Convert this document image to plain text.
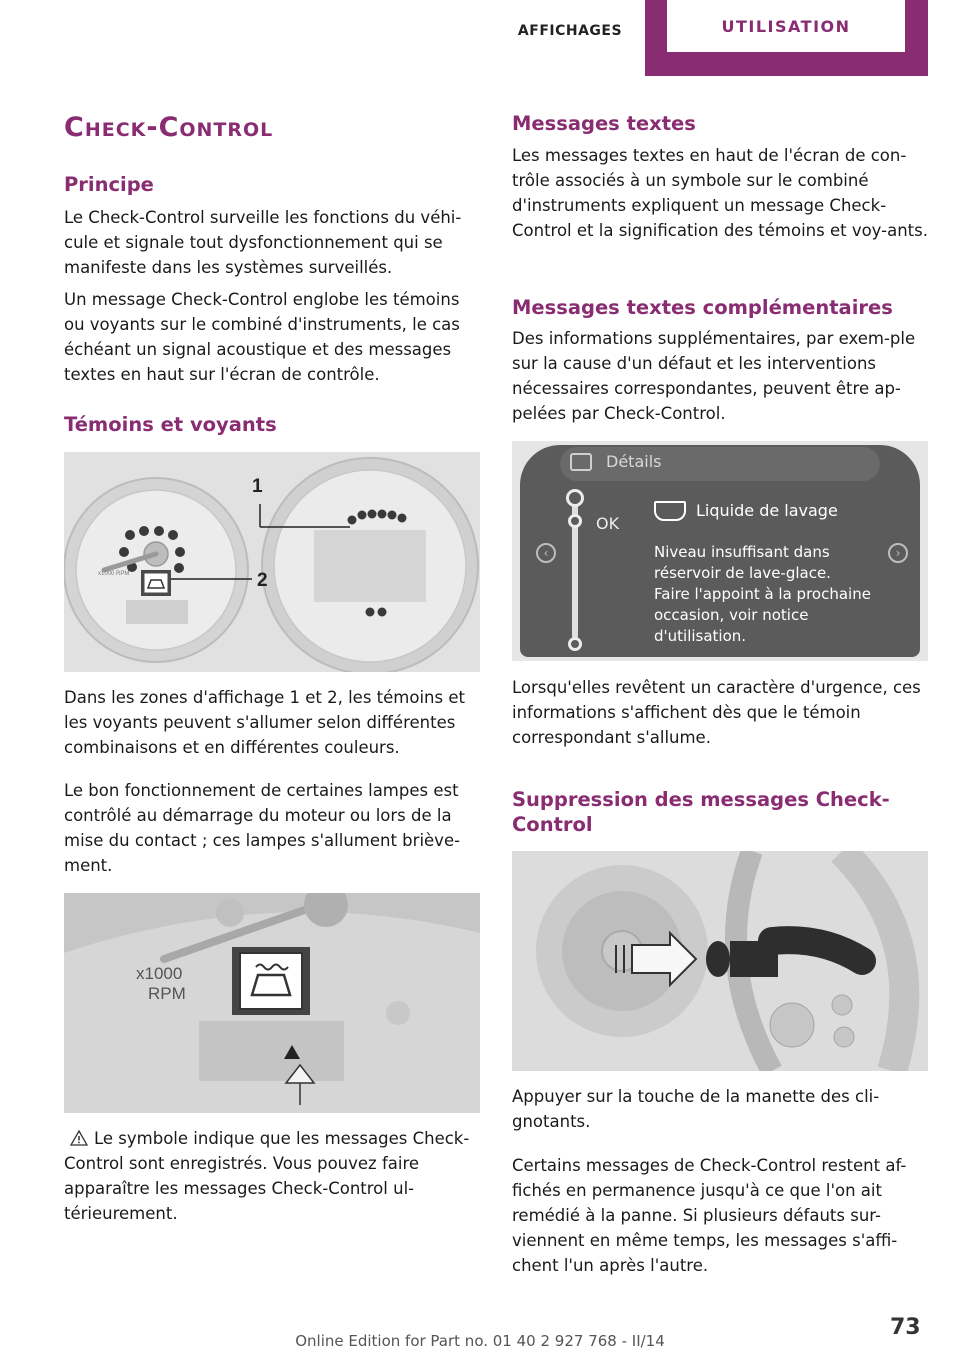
AFFICHAGES	UTILISATION
Check-Control
Principe
Le Check-Control surveille les fonctions du véhi-cule et signale tout dysfonctionnement qui se manifeste dans les systèmes surveillés.
Un message Check-Control englobe les témoins ou voyants sur le combiné d'instruments, le cas échéant un signal acoustique et des messages textes en haut sur l'écran de contrôle.
Témoins et voyants
1
2
x1000 RPM
Dans les zones d'affichage 1 et 2, les témoins et les voyants peuvent s'allumer selon différentes combinaisons et en différentes couleurs.
Le bon fonctionnement de certaines lampes est contrôlé au démarrage du moteur ou lors de la mise du contact ; ces lampes s'allument briève-ment.
x1000
RPM
Le symbole indique que les messages Check-Control sont enregistrés. Vous pouvez faire apparaître les messages Check-Control ul-térieurement.
Messages textes
Les messages textes en haut de l'écran de con-trôle associés à un symbole sur le combiné d'instruments expliquent un message Check-Control et la signification des témoins et voy-ants.
Messages textes complémentaires
Des informations supplémentaires, par exem-ple sur la cause d'un défaut et les interventions nécessaires correspondantes, peuvent être ap-pelées par Check-Control.
Détails
OK
Liquide de lavage
Niveau insuffisant dans
réservoir de lave-glace.
Faire l'appoint à la prochaine
occasion, voir notice
d'utilisation.
‹	›
Lorsqu'elles revêtent un caractère d'urgence, ces informations s'affichent dès que le témoin correspondant s'allume.
Suppression des messages Check-Control
Appuyer sur la touche de la manette des cli-gnotants.
Certains messages de Check-Control restent af-fichés en permanence jusqu'à ce que l'on ait remédié à la panne. Si plusieurs défauts sur-viennent en même temps, les messages s'affi-chent l'un après l'autre.
73
Online Edition for Part no. 01 40 2 927 768 - II/14
